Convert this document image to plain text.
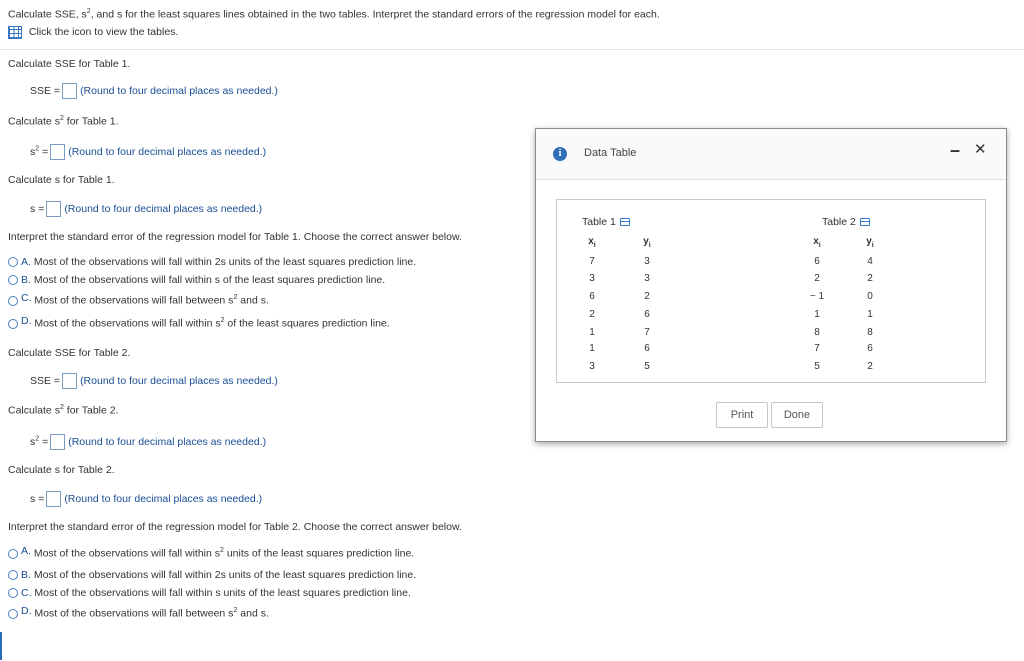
Calculate SSE, $s^2$, and s for the least squares lines obtained in the two tables. Interpret the standard errors of the regression model for each.
Click the icon to view the tables.
Calculate SSE for Table 1.
SSE = (Round to four decimal places as needed.)
Calculate $s^2$ for Table 1.
$s^2$ = (Round to four decimal places as needed.)
Calculate s for Table 1.
s = (Round to four decimal places as needed.)
Interpret the standard error of the regression model for Table 1. Choose the correct answer below.
A. Most of the observations will fall within 2s units of the least squares prediction line.
B. Most of the observations will fall within s of the least squares prediction line.
C. Most of the observations will fall between $s^2$ and s.
D. Most of the observations will fall within $s^2$ of the least squares prediction line.
Calculate SSE for Table 2.
SSE = (Round to four decimal places as needed.)
Calculate $s^2$ for Table 2.
$s^2$ = (Round to four decimal places as needed.)
Calculate s for Table 2.
s = (Round to four decimal places as needed.)
Interpret the standard error of the regression model for Table 2. Choose the correct answer below.
A. Most of the observations will fall within $s^2$ units of the least squares prediction line.
B. Most of the observations will fall within 2s units of the least squares prediction line.
C. Most of the observations will fall within s units of the least squares prediction line.
D. Most of the observations will fall between $s^2$ and s.
i	Data Table	– ✕
Table 1
$x_i$	$y_i$
7	3
3	3
6	2
2	6
1	7
1	6
3	5
Table 2
$x_i$	$y_i$
6	4
2	2
− 1	0
1	1
8	8
7	6
5	2
Print	Done
